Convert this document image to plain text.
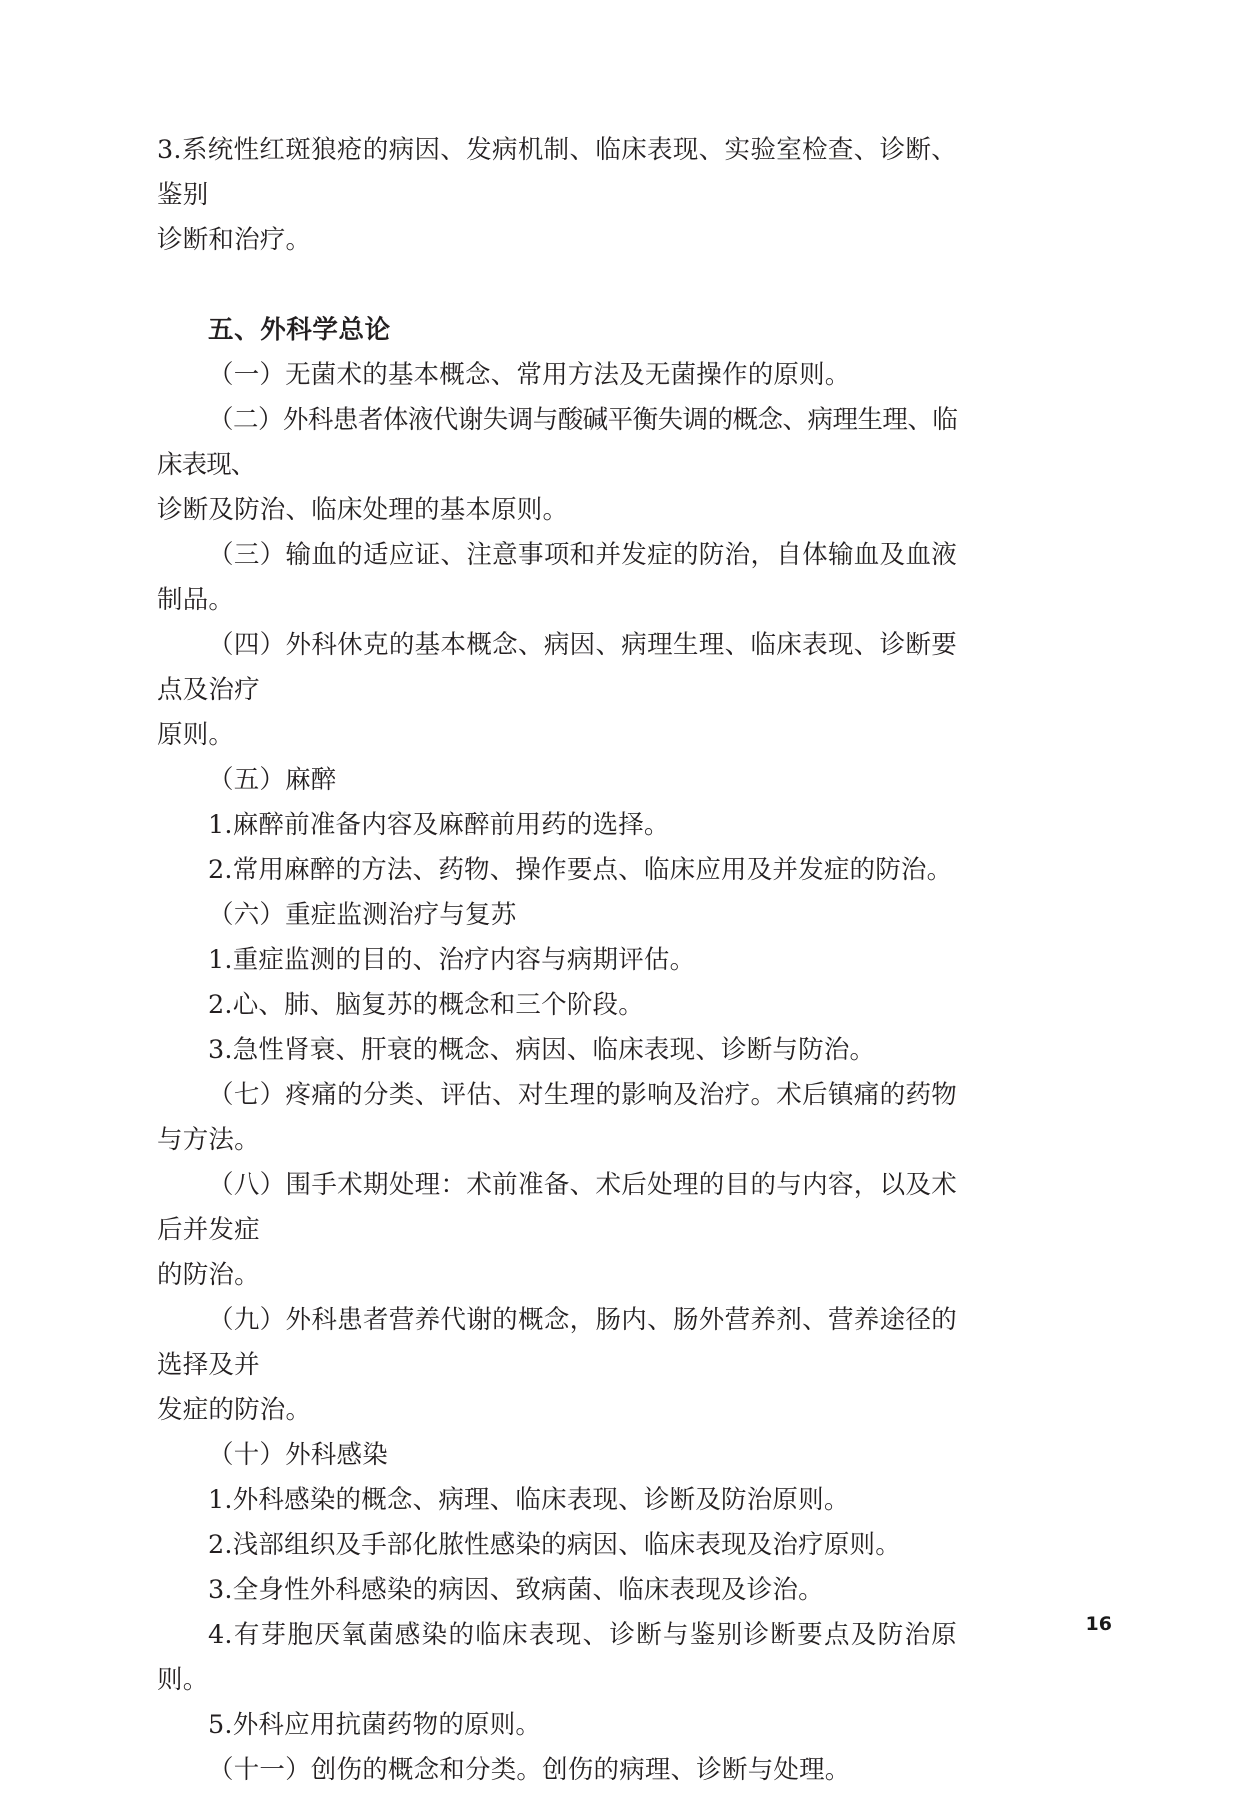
3.系统性红斑狼疮的病因、发病机制、临床表现、实验室检查、诊断、鉴别

诊断和治疗。

五、外科学总论

（一）无菌术的基本概念、常用方法及无菌操作的原则。

（二）外科患者体液代谢失调与酸碱平衡失调的概念、病理生理、临床表现、

诊断及防治、临床处理的基本原则。

（三）输血的适应证、注意事项和并发症的防治，自体输血及血液制品。

（四）外科休克的基本概念、病因、病理生理、临床表现、诊断要点及治疗

原则。

（五）麻醉

1.麻醉前准备内容及麻醉前用药的选择。

2.常用麻醉的方法、药物、操作要点、临床应用及并发症的防治。

（六）重症监测治疗与复苏

1.重症监测的目的、治疗内容与病期评估。

2.心、肺、脑复苏的概念和三个阶段。

3.急性肾衰、肝衰的概念、病因、临床表现、诊断与防治。

（七）疼痛的分类、评估、对生理的影响及治疗。术后镇痛的药物与方法。

（八）围手术期处理：术前准备、术后处理的目的与内容，以及术后并发症

的防治。

（九）外科患者营养代谢的概念，肠内、肠外营养剂、营养途径的选择及并

发症的防治。

（十）外科感染

1.外科感染的概念、病理、临床表现、诊断及防治原则。

2.浅部组织及手部化脓性感染的病因、临床表现及治疗原则。

3.全身性外科感染的病因、致病菌、临床表现及诊治。

4.有芽胞厌氧菌感染的临床表现、诊断与鉴别诊断要点及防治原则。

5.外科应用抗菌药物的原则。

（十一）创伤的概念和分类。创伤的病理、诊断与处理。

16
